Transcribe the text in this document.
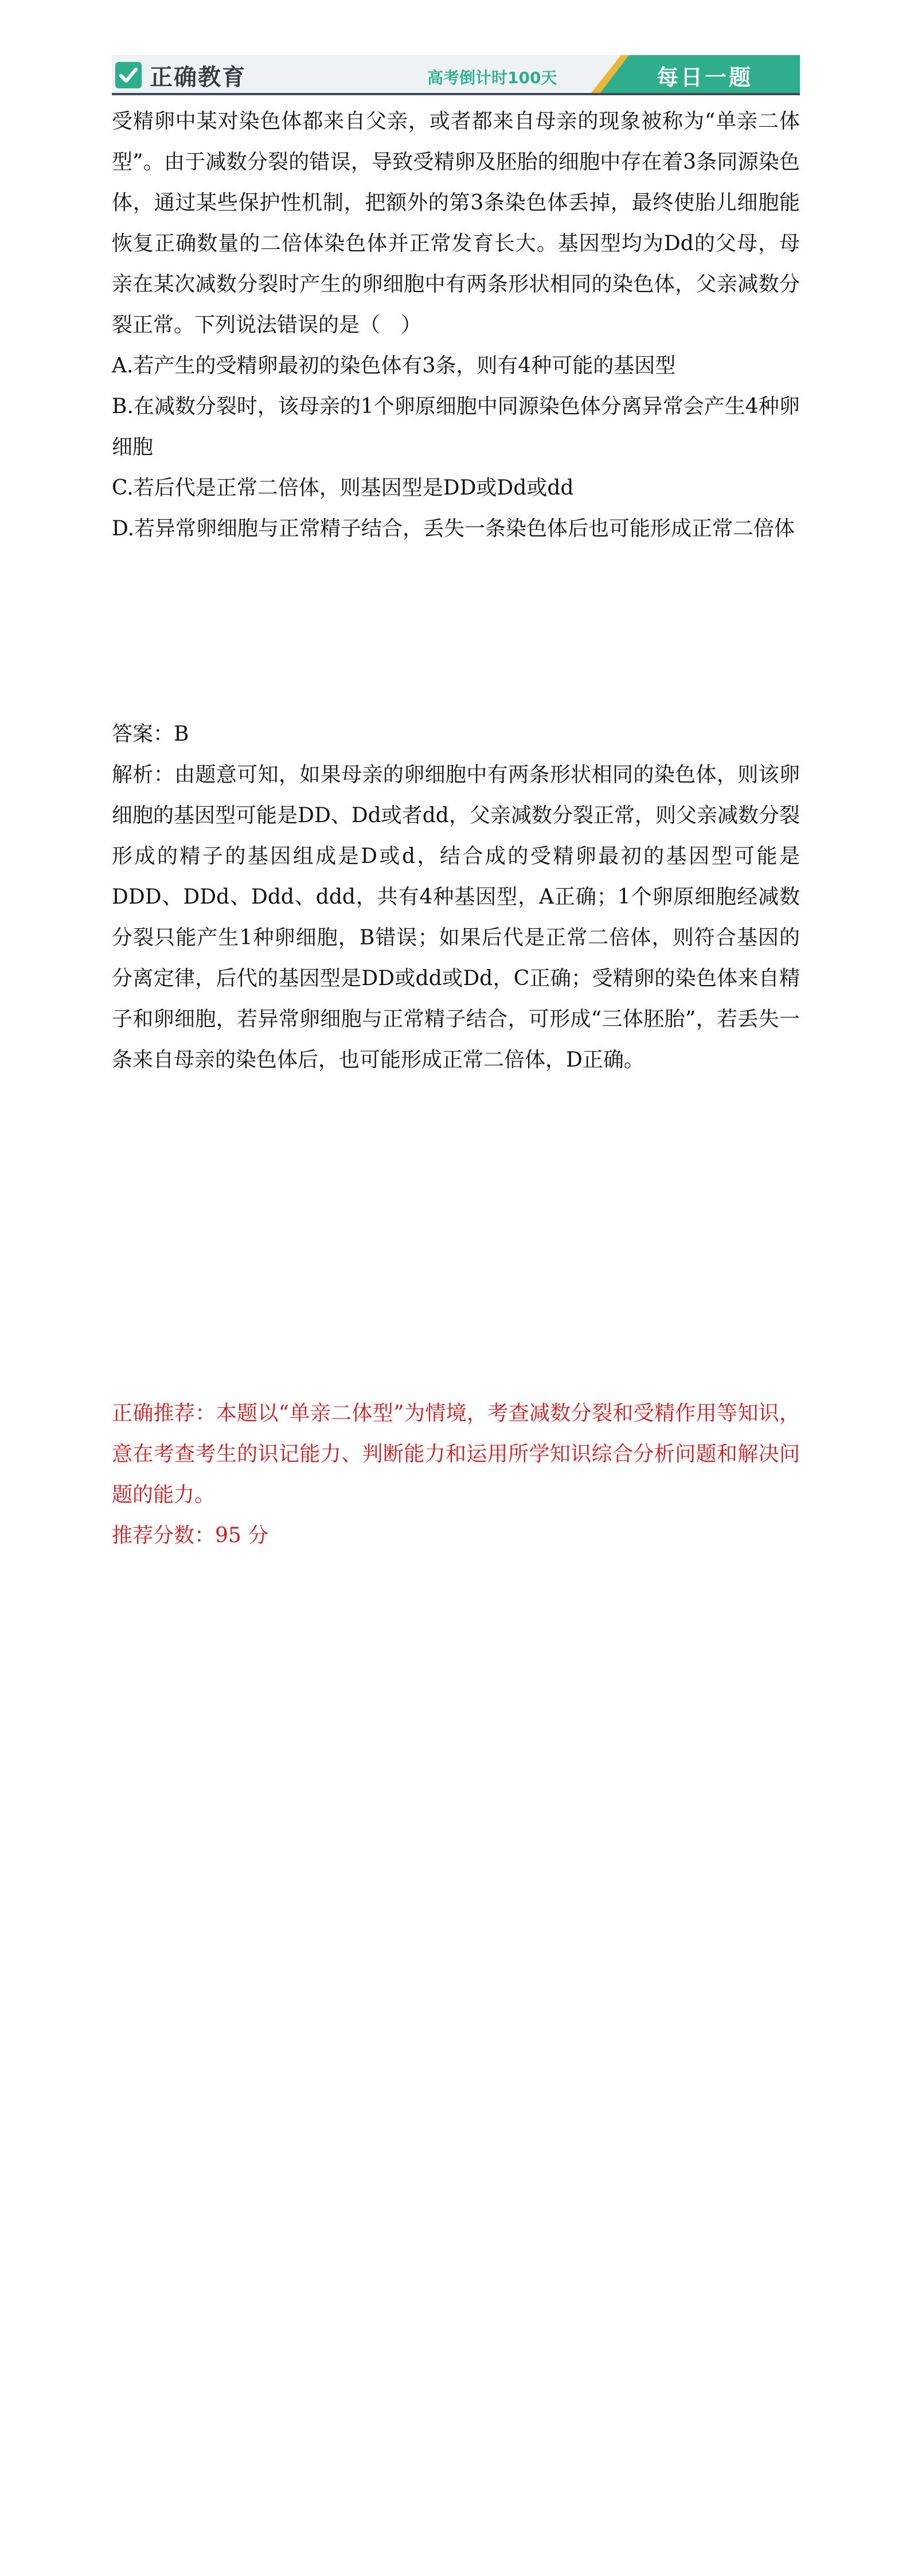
正确教育	高考倒计时100天	每日一题

受精卵中某对染色体都来自父亲，或者都来自母亲的现象被称为“单亲二体型”。由于减数分裂的错误，导致受精卵及胚胎的细胞中存在着3条同源染色体，通过某些保护性机制，把额外的第3条染色体丢掉，最终使胎儿细胞能恢复正确数量的二倍体染色体并正常发育长大。基因型均为Dd的父母，母亲在某次减数分裂时产生的卵细胞中有两条形状相同的染色体，父亲减数分裂正常。下列说法错误的是（　）

A.若产生的受精卵最初的染色体有3条，则有4种可能的基因型

B.在减数分裂时，该母亲的1个卵原细胞中同源染色体分离异常会产生4种卵细胞

C.若后代是正常二倍体，则基因型是DD或Dd或dd

D.若异常卵细胞与正常精子结合，丢失一条染色体后也可能形成正常二倍体

答案：B

解析：由题意可知，如果母亲的卵细胞中有两条形状相同的染色体，则该卵细胞的基因型可能是DD、Dd或者dd，父亲减数分裂正常，则父亲减数分裂形成的精子的基因组成是D或d，结合成的受精卵最初的基因型可能是DDD、DDd、Ddd、ddd，共有4种基因型，A正确；1个卵原细胞经减数分裂只能产生1种卵细胞，B错误；如果后代是正常二倍体，则符合基因的分离定律，后代的基因型是DD或dd或Dd，C正确；受精卵的染色体来自精子和卵细胞，若异常卵细胞与正常精子结合，可形成“三体胚胎”，若丢失一条来自母亲的染色体后，也可能形成正常二倍体，D正确。

正确推荐：本题以“单亲二体型”为情境，考查减数分裂和受精作用等知识，意在考查考生的识记能力、判断能力和运用所学知识综合分析问题和解决问题的能力。

推荐分数：95 分
